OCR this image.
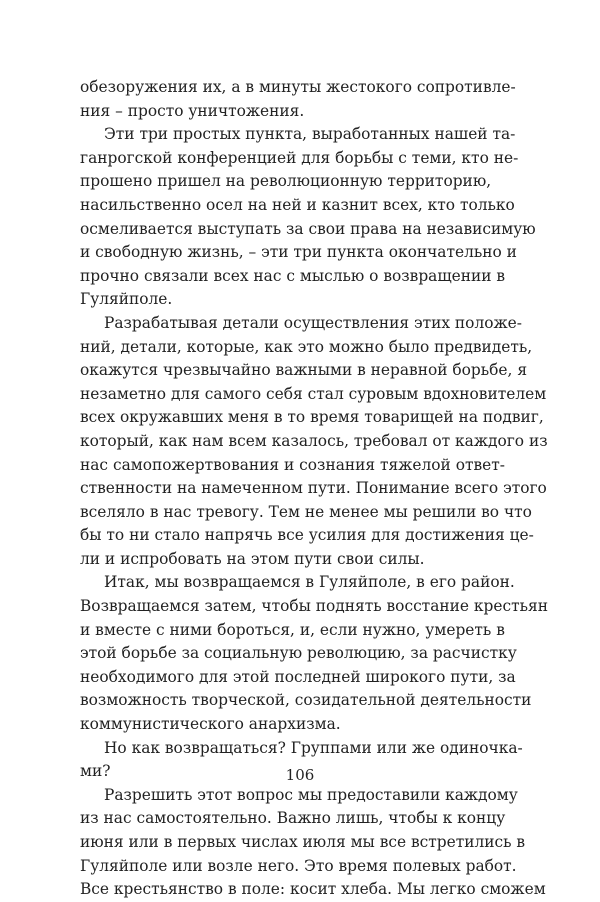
обезоружения их, а в минуты жестокого сопротивле-
ния – просто уничтожения.
Эти три простых пункта, выработанных нашей та-
ганрогской конференцией для борьбы с теми, кто не-
прошено пришел на революционную территорию,
насильственно осел на ней и казнит всех, кто только
осмеливается выступать за свои права на независимую
и свободную жизнь, – эти три пункта окончательно и
прочно связали всех нас с мыслью о возвращении в
Гуляйполе.
Разрабатывая детали осуществления этих положе-
ний, детали, которые, как это можно было предвидеть,
окажутся чрезвычайно важными в неравной борьбе, я
незаметно для самого себя стал суровым вдохновителем
всех окружавших меня в то время товарищей на подвиг,
который, как нам всем казалось, требовал от каждого из
нас самопожертвования и сознания тяжелой ответ-
ственности на намеченном пути. Понимание всего этого
вселяло в нас тревогу. Тем не менее мы решили во что
бы то ни стало напрячь все усилия для достижения це-
ли и испробовать на этом пути свои силы.
Итак, мы возвращаемся в Гуляйполе, в его район.
Возвращаемся затем, чтобы поднять восстание крестьян
и вместе с ними бороться, и, если нужно, умереть в
этой борьбе за социальную революцию, за расчистку
необходимого для этой последней широкого пути, за
возможность творческой, созидательной деятельности
коммунистического анархизма.
Но как возвращаться? Группами или же одиночка-
ми?
Разрешить этот вопрос мы предоставили каждому
из нас самостоятельно. Важно лишь, чтобы к концу
июня или в первых числах июля мы все встретились в
Гуляйполе или возле него. Это время полевых работ.
Все крестьянство в поле: косит хлеба. Мы легко сможем
106
